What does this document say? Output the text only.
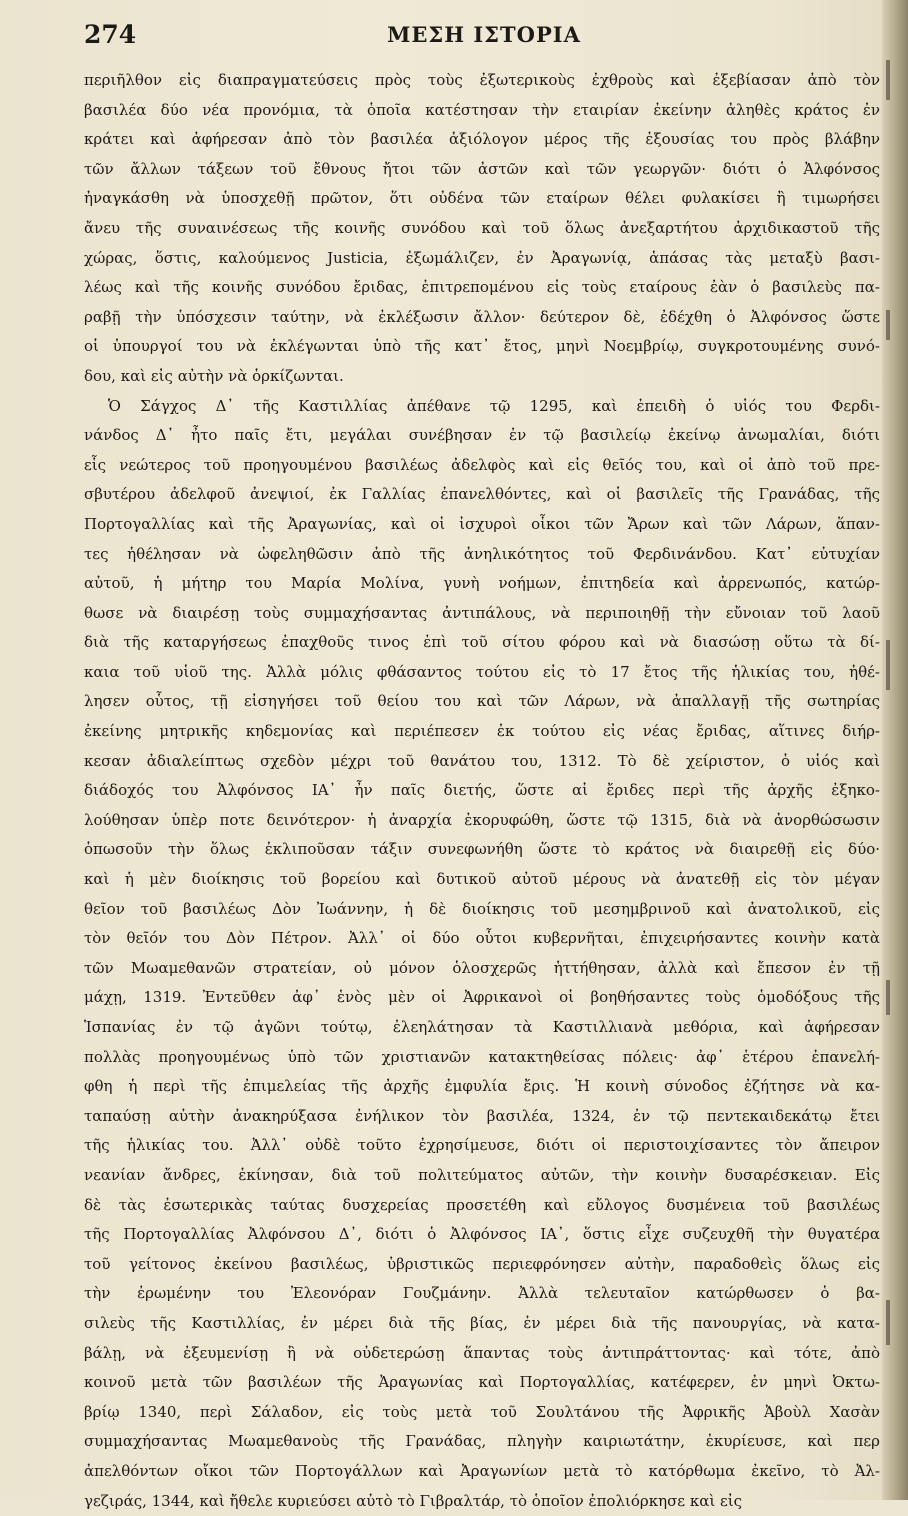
274	ΜΕΣΗ ΙΣΤΟΡΙΑ
περιῆλθον εἰς διαπραγματεύσεις πρὸς τοὺς ἐξωτερικοὺς ἐχθροὺς καὶ ἐξεβίασαν ἀπὸ τὸν
βασιλέα δύο νέα προνόμια, τὰ ὁποῖα κατέστησαν τὴν εταιρίαν ἐκείνην ἀληθὲς κράτος ἐν
κράτει καὶ ἀφήρεσαν ἀπὸ τὸν βασιλέα ἀξιόλογον μέρος τῆς ἐξουσίας του πρὸς βλάβην
τῶν ἄλλων τάξεων τοῦ ἔθνους ἤτοι τῶν ἀστῶν καὶ τῶν γεωργῶν· διότι ὁ Ἀλφόνσος
ἠναγκάσθη νὰ ὑποσχεθῇ πρῶτον, ὅτι οὐδένα τῶν εταίρων θέλει φυλακίσει ἢ τιμωρήσει
ἄνευ τῆς συναινέσεως τῆς κοινῆς συνόδου καὶ τοῦ ὅλως ἀνεξαρτήτου ἀρχιδικαστοῦ τῆς
χώρας, ὅστις, καλούμενος Justicia, ἐξωμάλιζεν, ἐν Ἀραγωνίᾳ, ἁπάσας τὰς μεταξὺ βασι-
λέως καὶ τῆς κοινῆς συνόδου ἔριδας, ἐπιτρεπομένου εἰς τοὺς εταίρους ἐὰν ὁ βασιλεὺς πα-
ραβῇ τὴν ὑπόσχεσιν ταύτην, νὰ ἐκλέξωσιν ἄλλον· δεύτερον δὲ, ἐδέχθη ὁ Ἀλφόνσος ὥστε
οἱ ὑπουργοί του νὰ ἐκλέγωνται ὑπὸ τῆς κατ᾽ ἔτος, μηνὶ Νοεμβρίῳ, συγκροτουμένης συνό-
δου, καὶ εἰς αὐτὴν νὰ ὁρκίζωνται.
Ὁ Σάγχος Δ᾽ τῆς Καστιλλίας ἀπέθανε τῷ 1295, καὶ ἐπειδὴ ὁ υἱός του Φερδι-
νάνδος Δ᾽ ἦτο παῖς ἔτι, μεγάλαι συνέβησαν ἐν τῷ βασιλείῳ ἐκείνῳ ἀνωμαλίαι, διότι
εἷς νεώτερος τοῦ προηγουμένου βασιλέως ἀδελφὸς καὶ εἰς θεῖός του, καὶ οἱ ἀπὸ τοῦ πρε-
σβυτέρου ἀδελφοῦ ἀνεψιοί, ἐκ Γαλλίας ἐπανελθόντες, καὶ οἱ βασιλεῖς τῆς Γρανάδας, τῆς
Πορτογαλλίας καὶ τῆς Ἀραγωνίας, καὶ οἱ ἰσχυροὶ οἶκοι τῶν Ἄρων καὶ τῶν Λάρων, ἅπαν-
τες ἠθέλησαν νὰ ὠφεληθῶσιν ἀπὸ τῆς ἀνηλικότητος τοῦ Φερδινάνδου. Κατ᾽ εὐτυχίαν
αὐτοῦ, ἡ μήτηρ του Μαρία Μολίνα, γυνὴ νοήμων, ἐπιτηδεία καὶ ἀρρενωπός, κατώρ-
θωσε νὰ διαιρέσῃ τοὺς συμμαχήσαντας ἀντιπάλους, νὰ περιποιηθῇ τὴν εὔνοιαν τοῦ λαοῦ
διὰ τῆς καταργήσεως ἐπαχθοῦς τινος ἐπὶ τοῦ σίτου φόρου καὶ νὰ διασώσῃ οὕτω τὰ δί-
καια τοῦ υἱοῦ της. Ἀλλὰ μόλις φθάσαντος τούτου εἰς τὸ 17 ἔτος τῆς ἡλικίας του, ἠθέ-
λησεν οὗτος, τῇ εἰσηγήσει τοῦ θείου του καὶ τῶν Λάρων, νὰ ἀπαλλαγῇ τῆς σωτηρίας
ἐκείνης μητρικῆς κηδεμονίας καὶ περιέπεσεν ἐκ τούτου εἰς νέας ἔριδας, αἵτινες διήρ-
κεσαν ἀδιαλείπτως σχεδὸν μέχρι τοῦ θανάτου του, 1312. Τὸ δὲ χείριστον, ὁ υἱός καὶ
διάδοχός του Ἀλφόνσος ΙΑ᾽ ἦν παῖς διετής, ὥστε αἱ ἔριδες περὶ τῆς ἀρχῆς ἐξηκο-
λούθησαν ὑπὲρ ποτε δεινότερον· ἡ ἀναρχία ἐκορυφώθη, ὥστε τῷ 1315, διὰ νὰ ἀνορθώσωσιν
ὁπωσοῦν τὴν ὅλως ἐκλιποῦσαν τάξιν συνεφωνήθη ὥστε τὸ κράτος νὰ διαιρεθῇ εἰς δύο·
καὶ ἡ μὲν διοίκησις τοῦ βορείου καὶ δυτικοῦ αὐτοῦ μέρους νὰ ἀνατεθῇ εἰς τὸν μέγαν
θεῖον τοῦ βασιλέως Δὸν Ἰωάννην, ἡ δὲ διοίκησις τοῦ μεσημβρινοῦ καὶ ἀνατολικοῦ, εἰς
τὸν θεῖόν του Δὸν Πέτρον. Ἀλλ᾽ οἱ δύο οὗτοι κυβερνῆται, ἐπιχειρήσαντες κοινὴν κατὰ
τῶν Μωαμεθανῶν στρατείαν, οὐ μόνον ὁλοσχερῶς ἡττήθησαν, ἀλλὰ καὶ ἔπεσον ἐν τῇ
μάχῃ, 1319. Ἐντεῦθεν ἀφ᾽ ἑνὸς μὲν οἱ Ἀφρικανοὶ οἱ βοηθήσαντες τοὺς ὁμοδόξους τῆς
Ἱσπανίας ἐν τῷ ἀγῶνι τούτῳ, ἐλεηλάτησαν τὰ Καστιλλιανὰ μεθόρια, καὶ ἀφήρεσαν
πολλὰς προηγουμένως ὑπὸ τῶν χριστιανῶν κατακτηθείσας πόλεις· ἀφ᾽ ἑτέρου ἐπανελή-
φθη ἡ περὶ τῆς ἐπιμελείας τῆς ἀρχῆς ἐμφυλία ἔρις. Ἡ κοινὴ σύνοδος ἐζήτησε νὰ κα-
ταπαύσῃ αὐτὴν ἀνακηρύξασα ἐνήλικον τὸν βασιλέα, 1324, ἐν τῷ πεντεκαιδεκάτῳ ἔτει
τῆς ἡλικίας του. Ἀλλ᾽ οὐδὲ τοῦτο ἐχρησίμευσε, διότι οἱ περιστοιχίσαντες τὸν ἄπειρον
νεανίαν ἄνδρες, ἐκίνησαν, διὰ τοῦ πολιτεύματος αὐτῶν, τὴν κοινὴν δυσαρέσκειαν. Εἰς
δὲ τὰς ἐσωτερικὰς ταύτας δυσχερείας προσετέθη καὶ εὔλογος δυσμένεια τοῦ βασιλέως
τῆς Πορτογαλλίας Ἀλφόνσου Δ᾽, διότι ὁ Ἀλφόνσος ΙΑ᾽, ὅστις εἶχε συζευχθῆ τὴν θυγατέρα
τοῦ γείτονος ἐκείνου βασιλέως, ὑβριστικῶς περιεφρόνησεν αὐτὴν, παραδοθεὶς ὅλως εἰς
τὴν ἐρωμένην του Ἐλεονόραν Γουζμάνην. Ἀλλὰ τελευταῖον κατώρθωσεν ὁ βα-
σιλεὺς τῆς Καστιλλίας, ἐν μέρει διὰ τῆς βίας, ἐν μέρει διὰ τῆς πανουργίας, νὰ κατα-
βάλῃ, νὰ ἐξευμενίσῃ ἢ νὰ οὐδετερώσῃ ἅπαντας τοὺς ἀντιπράττοντας· καὶ τότε, ἀπὸ
κοινοῦ μετὰ τῶν βασιλέων τῆς Ἀραγωνίας καὶ Πορτογαλλίας, κατέφερεν, ἐν μηνὶ Ὀκτω-
βρίῳ 1340, περὶ Σάλαδον, εἰς τοὺς μετὰ τοῦ Σουλτάνου τῆς Ἀφρικῆς Ἀβοὺλ Χασὰν
συμμαχήσαντας Μωαμεθανοὺς τῆς Γρανάδας, πληγὴν καιριωτάτην, ἐκυρίευσε, καὶ περ
ἀπελθόντων οἴκοι τῶν Πορτογάλλων καὶ Ἀραγωνίων μετὰ τὸ κατόρθωμα ἐκεῖνο, τὸ Ἀλ-
γεζιράς, 1344, καὶ ἤθελε κυριεύσει αὐτὸ τὸ Γιβραλτάρ, τὸ ὁποῖον ἐπολιόρκησε καὶ εἰς
